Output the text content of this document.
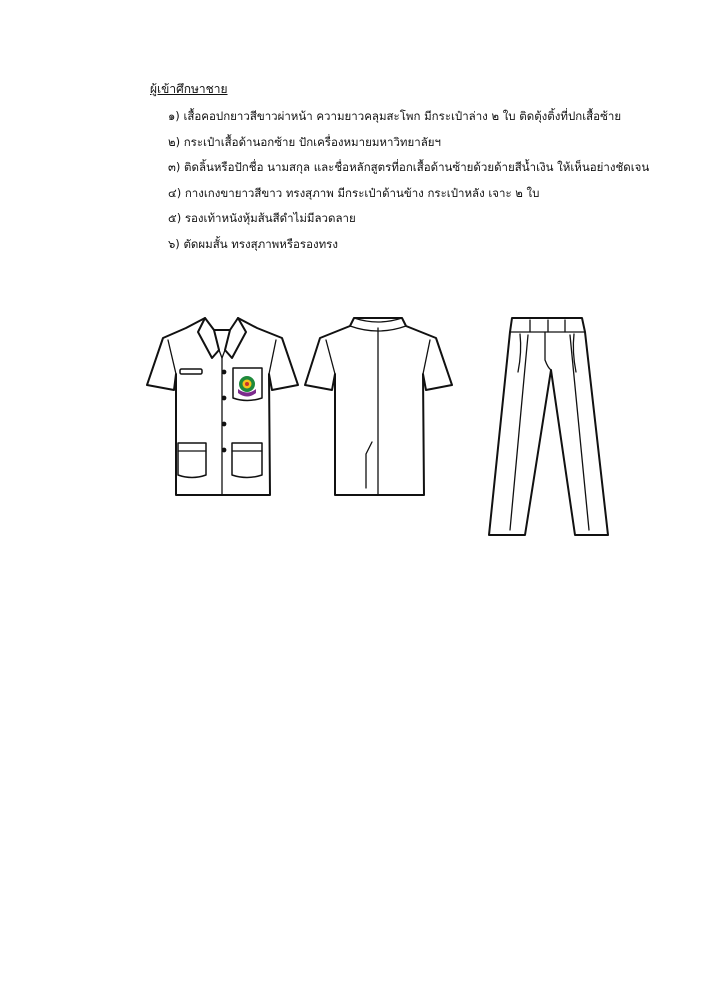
ผู้เข้าศึกษาชาย
๑) เสื้อคอปกยาวสีขาวผ่าหน้า ความยาวคลุมสะโพก มีกระเป๋าล่าง ๒ ใบ ติดตุ้งติ้งที่ปกเสื้อซ้าย
๒) กระเป๋าเสื้อด้านอกซ้าย ปักเครื่องหมายมหาวิทยาลัยฯ
๓) ติดลิ้นหรือปักชื่อ นามสกุล และชื่อหลักสูตรที่อกเสื้อด้านซ้ายด้วยด้ายสีน้ำเงิน ให้เห็นอย่างชัดเจน
๔) กางเกงขายาวสีขาว ทรงสุภาพ มีกระเป๋าด้านข้าง กระเป๋าหลัง เจาะ ๒ ใบ
๕) รองเท้าหนังหุ้มส้นสีดำไม่มีลวดลาย
๖) ตัดผมสั้น ทรงสุภาพหรือรองทรง
